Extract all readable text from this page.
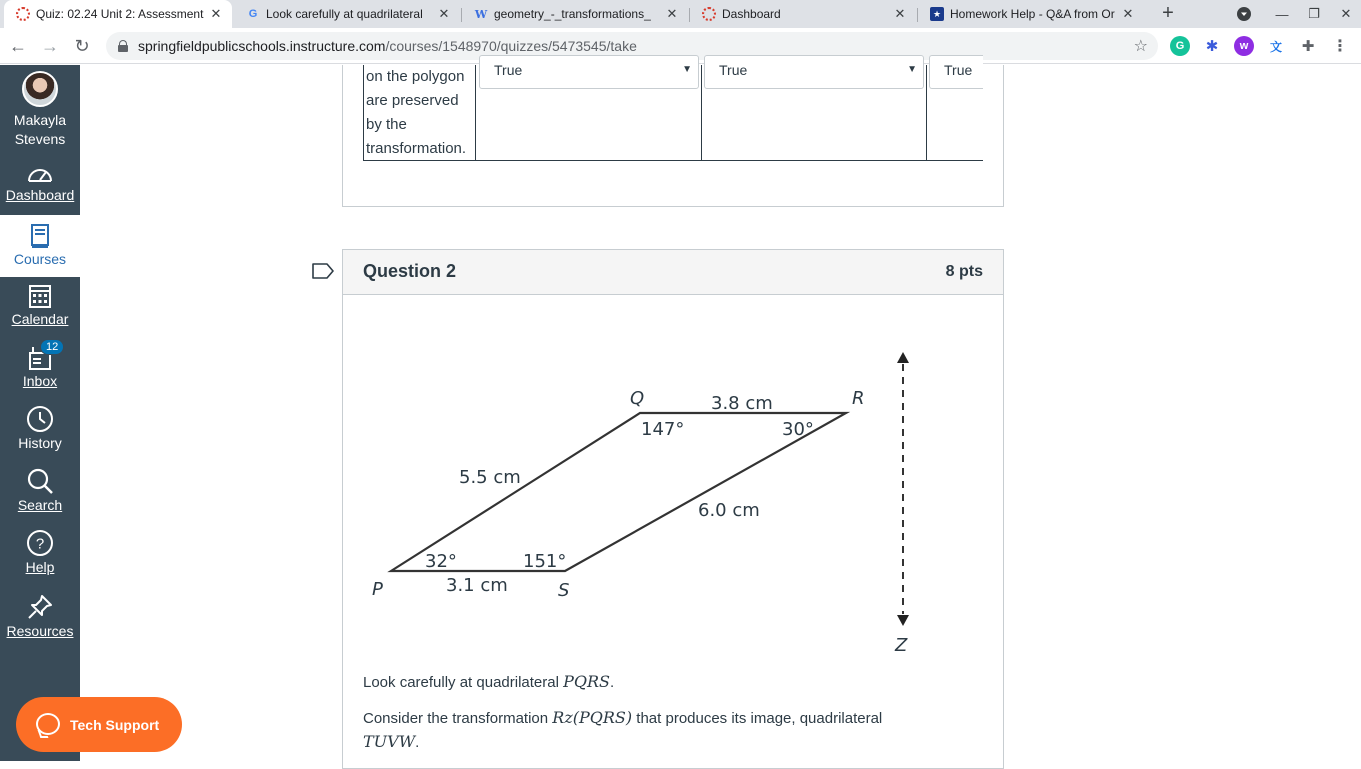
Quiz: 02.24 Unit 2: Assessment ✕ G Look carefully at quadrilateral	✕ W geometry_-_transformations_	✕	Dashboard	✕	★ Homework Help - Q&A from Or ✕	+	—	❐	✕
← → ↻	springfieldpublicschools.instructure.com/courses/1548970/quizzes/5473545/take	☆	G	✱	w	文 ✚ ⋮
Makayla
Stevens
Dashboard
Courses
Calendar
12
Inbox
History
Search
?
Help
Resources
on the polygon
are preserved
by the
transformation.
True	▼	True	▼	True
Question 2	8 pts
P
Q	R
S
Z
5.5 cm
3.8 cm
6.0 cm
3.1 cm
32°
147°	30°
151°
Look carefully at quadrilateral PQRS.
Consider the transformation Rz(PQRS) that produces its image, quadrilateral
TUVW.
Tech Support
